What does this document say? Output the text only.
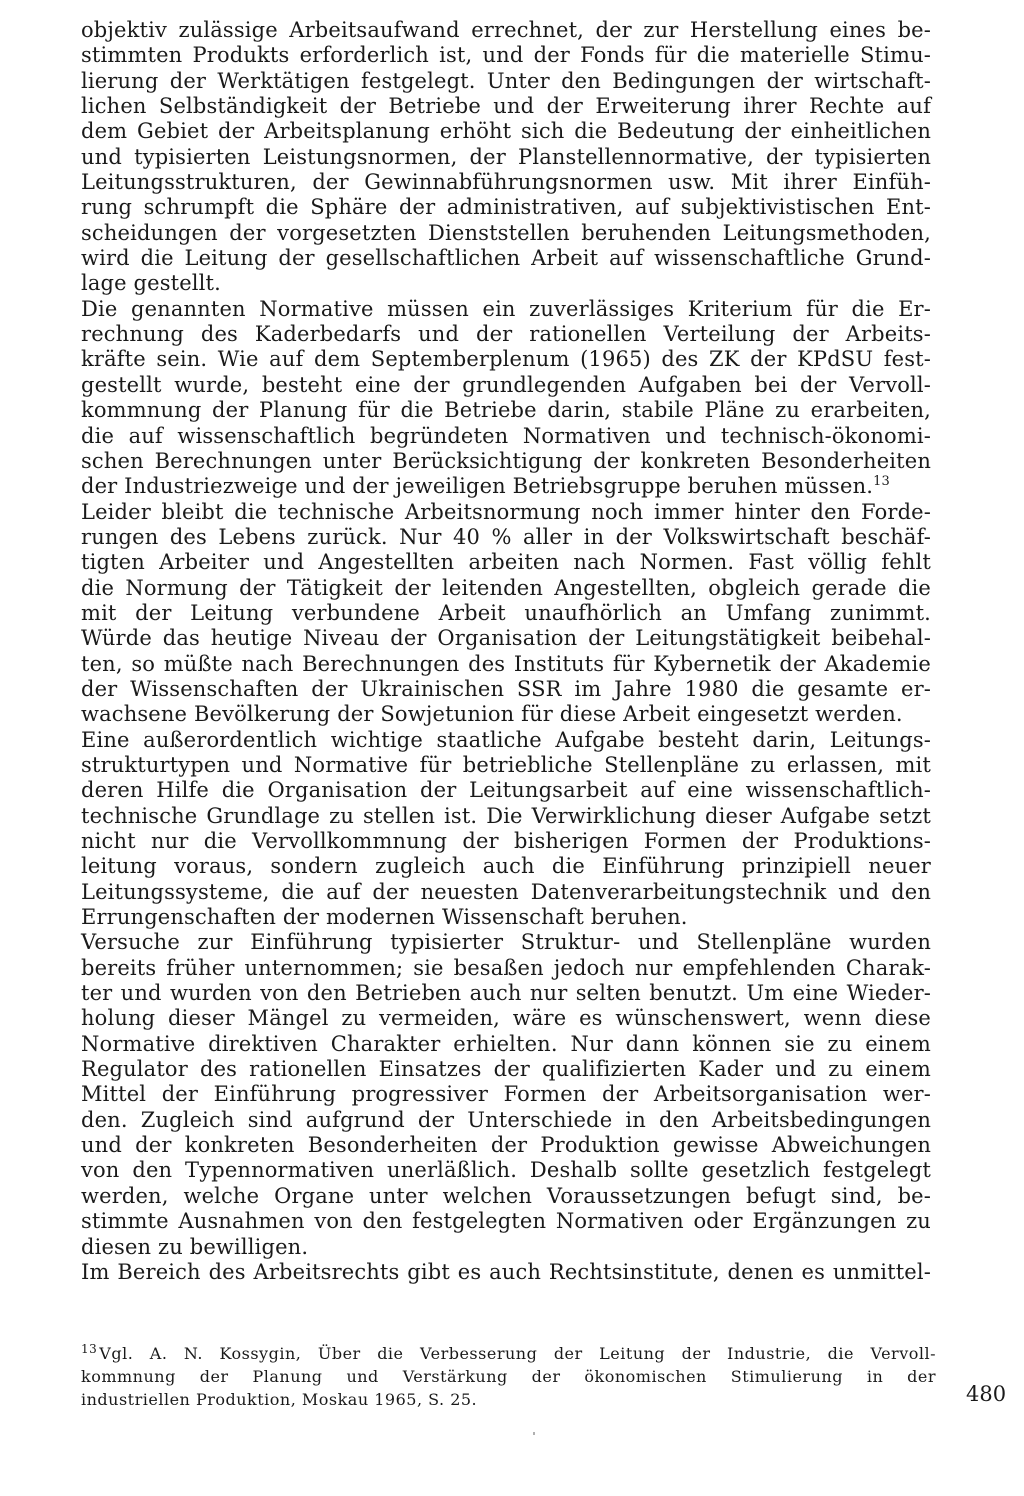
objektiv zulässige Arbeitsaufwand errechnet, der zur Herstellung eines be-
stimmten Produkts erforderlich ist, und der Fonds für die materielle Stimu-
lierung der Werktätigen festgelegt. Unter den Bedingungen der wirtschaft-
lichen Selbständigkeit der Betriebe und der Erweiterung ihrer Rechte auf
dem Gebiet der Arbeitsplanung erhöht sich die Bedeutung der einheitlichen
und typisierten Leistungsnormen, der Planstellennormative, der typisierten
Leitungsstrukturen, der Gewinnabführungsnormen usw. Mit ihrer Einfüh-
rung schrumpft die Sphäre der administrativen, auf subjektivistischen Ent-
scheidungen der vorgesetzten Dienststellen beruhenden Leitungsmethoden,
wird die Leitung der gesellschaftlichen Arbeit auf wissenschaftliche Grund-
lage gestellt.
Die genannten Normative müssen ein zuverlässiges Kriterium für die Er-
rechnung des Kaderbedarfs und der rationellen Verteilung der Arbeits-
kräfte sein. Wie auf dem Septemberplenum (1965) des ZK der KPdSU fest-
gestellt wurde, besteht eine der grundlegenden Aufgaben bei der Vervoll-
kommnung der Planung für die Betriebe darin, stabile Pläne zu erarbeiten,
die auf wissenschaftlich begründeten Normativen und technisch-ökonomi-
schen Berechnungen unter Berücksichtigung der konkreten Besonderheiten
der Industriezweige und der jeweiligen Betriebsgruppe beruhen müssen.$^{13}$
Leider bleibt die technische Arbeitsnormung noch immer hinter den Forde-
rungen des Lebens zurück. Nur 40 % aller in der Volkswirtschaft beschäf-
tigten Arbeiter und Angestellten arbeiten nach Normen. Fast völlig fehlt
die Normung der Tätigkeit der leitenden Angestellten, obgleich gerade die
mit der Leitung verbundene Arbeit unaufhörlich an Umfang zunimmt.
Würde das heutige Niveau der Organisation der Leitungstätigkeit beibehal-
ten, so müßte nach Berechnungen des Instituts für Kybernetik der Akademie
der Wissenschaften der Ukrainischen SSR im Jahre 1980 die gesamte er-
wachsene Bevölkerung der Sowjetunion für diese Arbeit eingesetzt werden.
Eine außerordentlich wichtige staatliche Aufgabe besteht darin, Leitungs-
strukturtypen und Normative für betriebliche Stellenpläne zu erlassen, mit
deren Hilfe die Organisation der Leitungsarbeit auf eine wissenschaftlich-
technische Grundlage zu stellen ist. Die Verwirklichung dieser Aufgabe setzt
nicht nur die Vervollkommnung der bisherigen Formen der Produktions-
leitung voraus, sondern zugleich auch die Einführung prinzipiell neuer
Leitungssysteme, die auf der neuesten Datenverarbeitungstechnik und den
Errungenschaften der modernen Wissenschaft beruhen.
Versuche zur Einführung typisierter Struktur- und Stellenpläne wurden
bereits früher unternommen; sie besaßen jedoch nur empfehlenden Charak-
ter und wurden von den Betrieben auch nur selten benutzt. Um eine Wieder-
holung dieser Mängel zu vermeiden, wäre es wünschenswert, wenn diese
Normative direktiven Charakter erhielten. Nur dann können sie zu einem
Regulator des rationellen Einsatzes der qualifizierten Kader und zu einem
Mittel der Einführung progressiver Formen der Arbeitsorganisation wer-
den. Zugleich sind aufgrund der Unterschiede in den Arbeitsbedingungen
und der konkreten Besonderheiten der Produktion gewisse Abweichungen
von den Typennormativen unerläßlich. Deshalb sollte gesetzlich festgelegt
werden, welche Organe unter welchen Voraussetzungen befugt sind, be-
stimmte Ausnahmen von den festgelegten Normativen oder Ergänzungen zu
diesen zu bewilligen.
Im Bereich des Arbeitsrechts gibt es auch Rechtsinstitute, denen es unmittel-
$^{13}$ Vgl. A. N. Kossygin, Über die Verbesserung der Leitung der Industrie, die Vervoll-
kommnung der Planung und Verstärkung der ökonomischen Stimulierung in der
industriellen Produktion, Moskau 1965, S. 25.	480
